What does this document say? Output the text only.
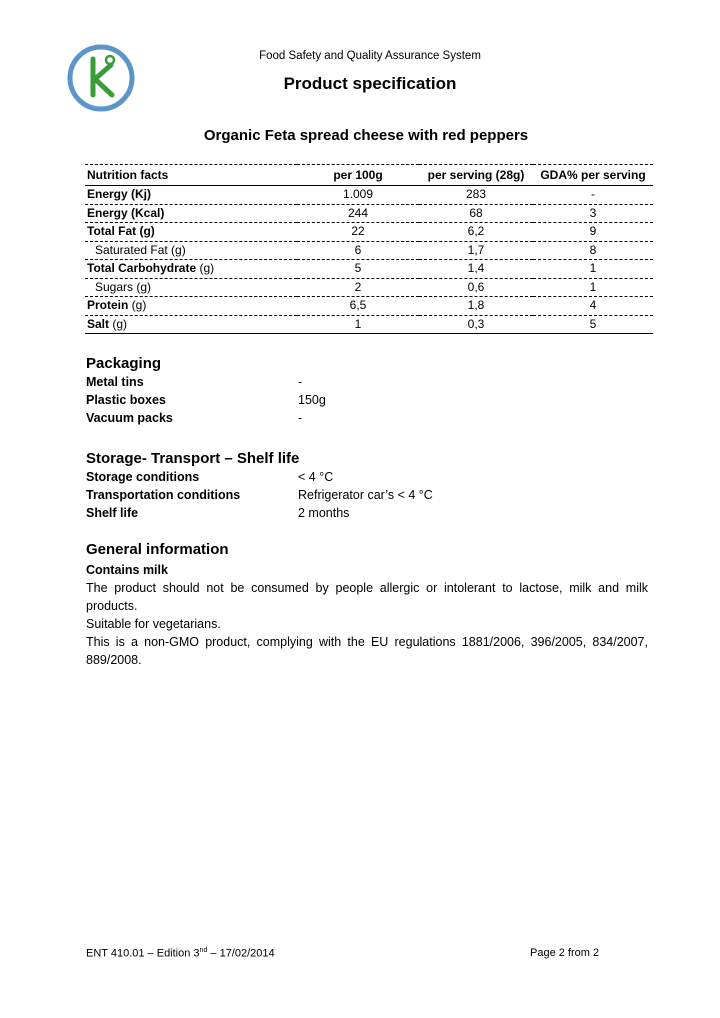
Food Safety and Quality Assurance System
Product specification
Organic Feta spread cheese with red peppers
Nutrition facts	per 100g	per serving (28g)	GDA% per serving
Energy (Kj)	1.009	283	-
Energy (Kcal)	244	68	3
Total Fat (g)	22	6,2	9
Saturated Fat (g)	6	1,7	8
Total Carbohydrate (g)	5	1,4	1
Sugars (g)	2	0,6	1
Protein (g)	6,5	1,8	4
Salt (g)	1	0,3	5
Packaging
Metal tins	-
Plastic boxes	150g
Vacuum packs	-
Storage- Transport – Shelf life
Storage conditions	< 4 °C
Transportation conditions	Refrigerator car’s < 4 °C
Shelf life	2 months
General information

Contains milk

The product should not be consumed by people allergic or intolerant to lactose, milk and milk products.

Suitable for vegetarians.

This is a non-GMO product, complying with the EU regulations 1881/2006, 396/2005, 834/2007, 889/2008.

ENT 410.01 – Edition 3nd – 17/02/2014	Page 2 from 2
